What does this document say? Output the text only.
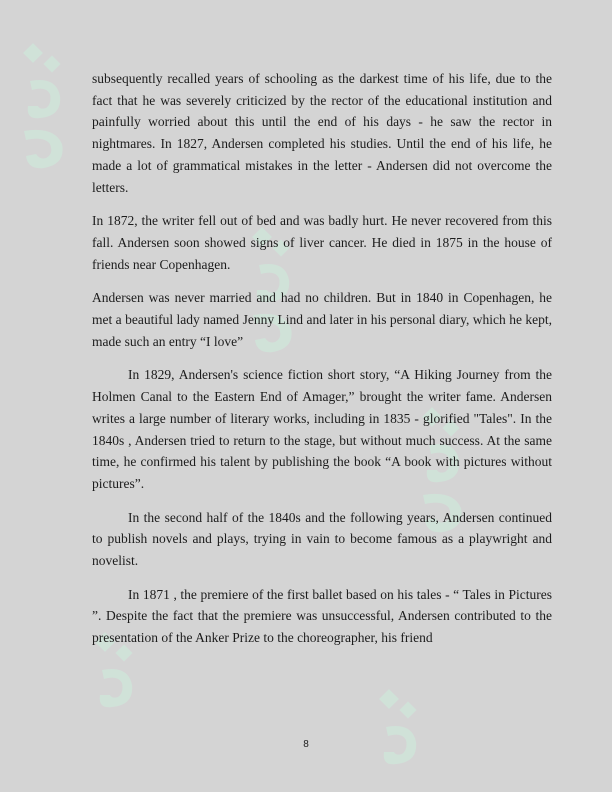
subsequently recalled years of schooling as the darkest time of his life, due to the fact that he was severely criticized by the rector of the educational institution and painfully worried about this until the end of his days - he saw the rector in nightmares. In 1827, Andersen completed his studies. Until the end of his life, he made a lot of grammatical mistakes in the letter - Andersen did not overcome the letters.

In 1872, the writer fell out of bed and was badly hurt. He never recovered from this fall. Andersen soon showed signs of liver cancer. He died in 1875 in the house of friends near Copenhagen.

Andersen was never married and had no children. But in 1840 in Copenhagen, he met a beautiful lady named Jenny Lind and later in his personal diary, which he kept, made such an entry “I love”

In 1829, Andersen's science fiction short story, “A Hiking Journey from the Holmen Canal to the Eastern End of Amager,” brought the writer fame. Andersen writes a large number of literary works, including in 1835 - glorified "Tales". In the 1840s , Andersen tried to return to the stage, but without much success. At the same time, he confirmed his talent by publishing the book “A book with pictures without pictures”.

In the second half of the 1840s and the following years, Andersen continued to publish novels and plays, trying in vain to become famous as a playwright and novelist.

In 1871 , the premiere of the first ballet based on his tales - “ Tales in Pictures ”. Despite the fact that the premiere was unsuccessful, Andersen contributed to the presentation of the Anker Prize to the choreographer, his friend

8
